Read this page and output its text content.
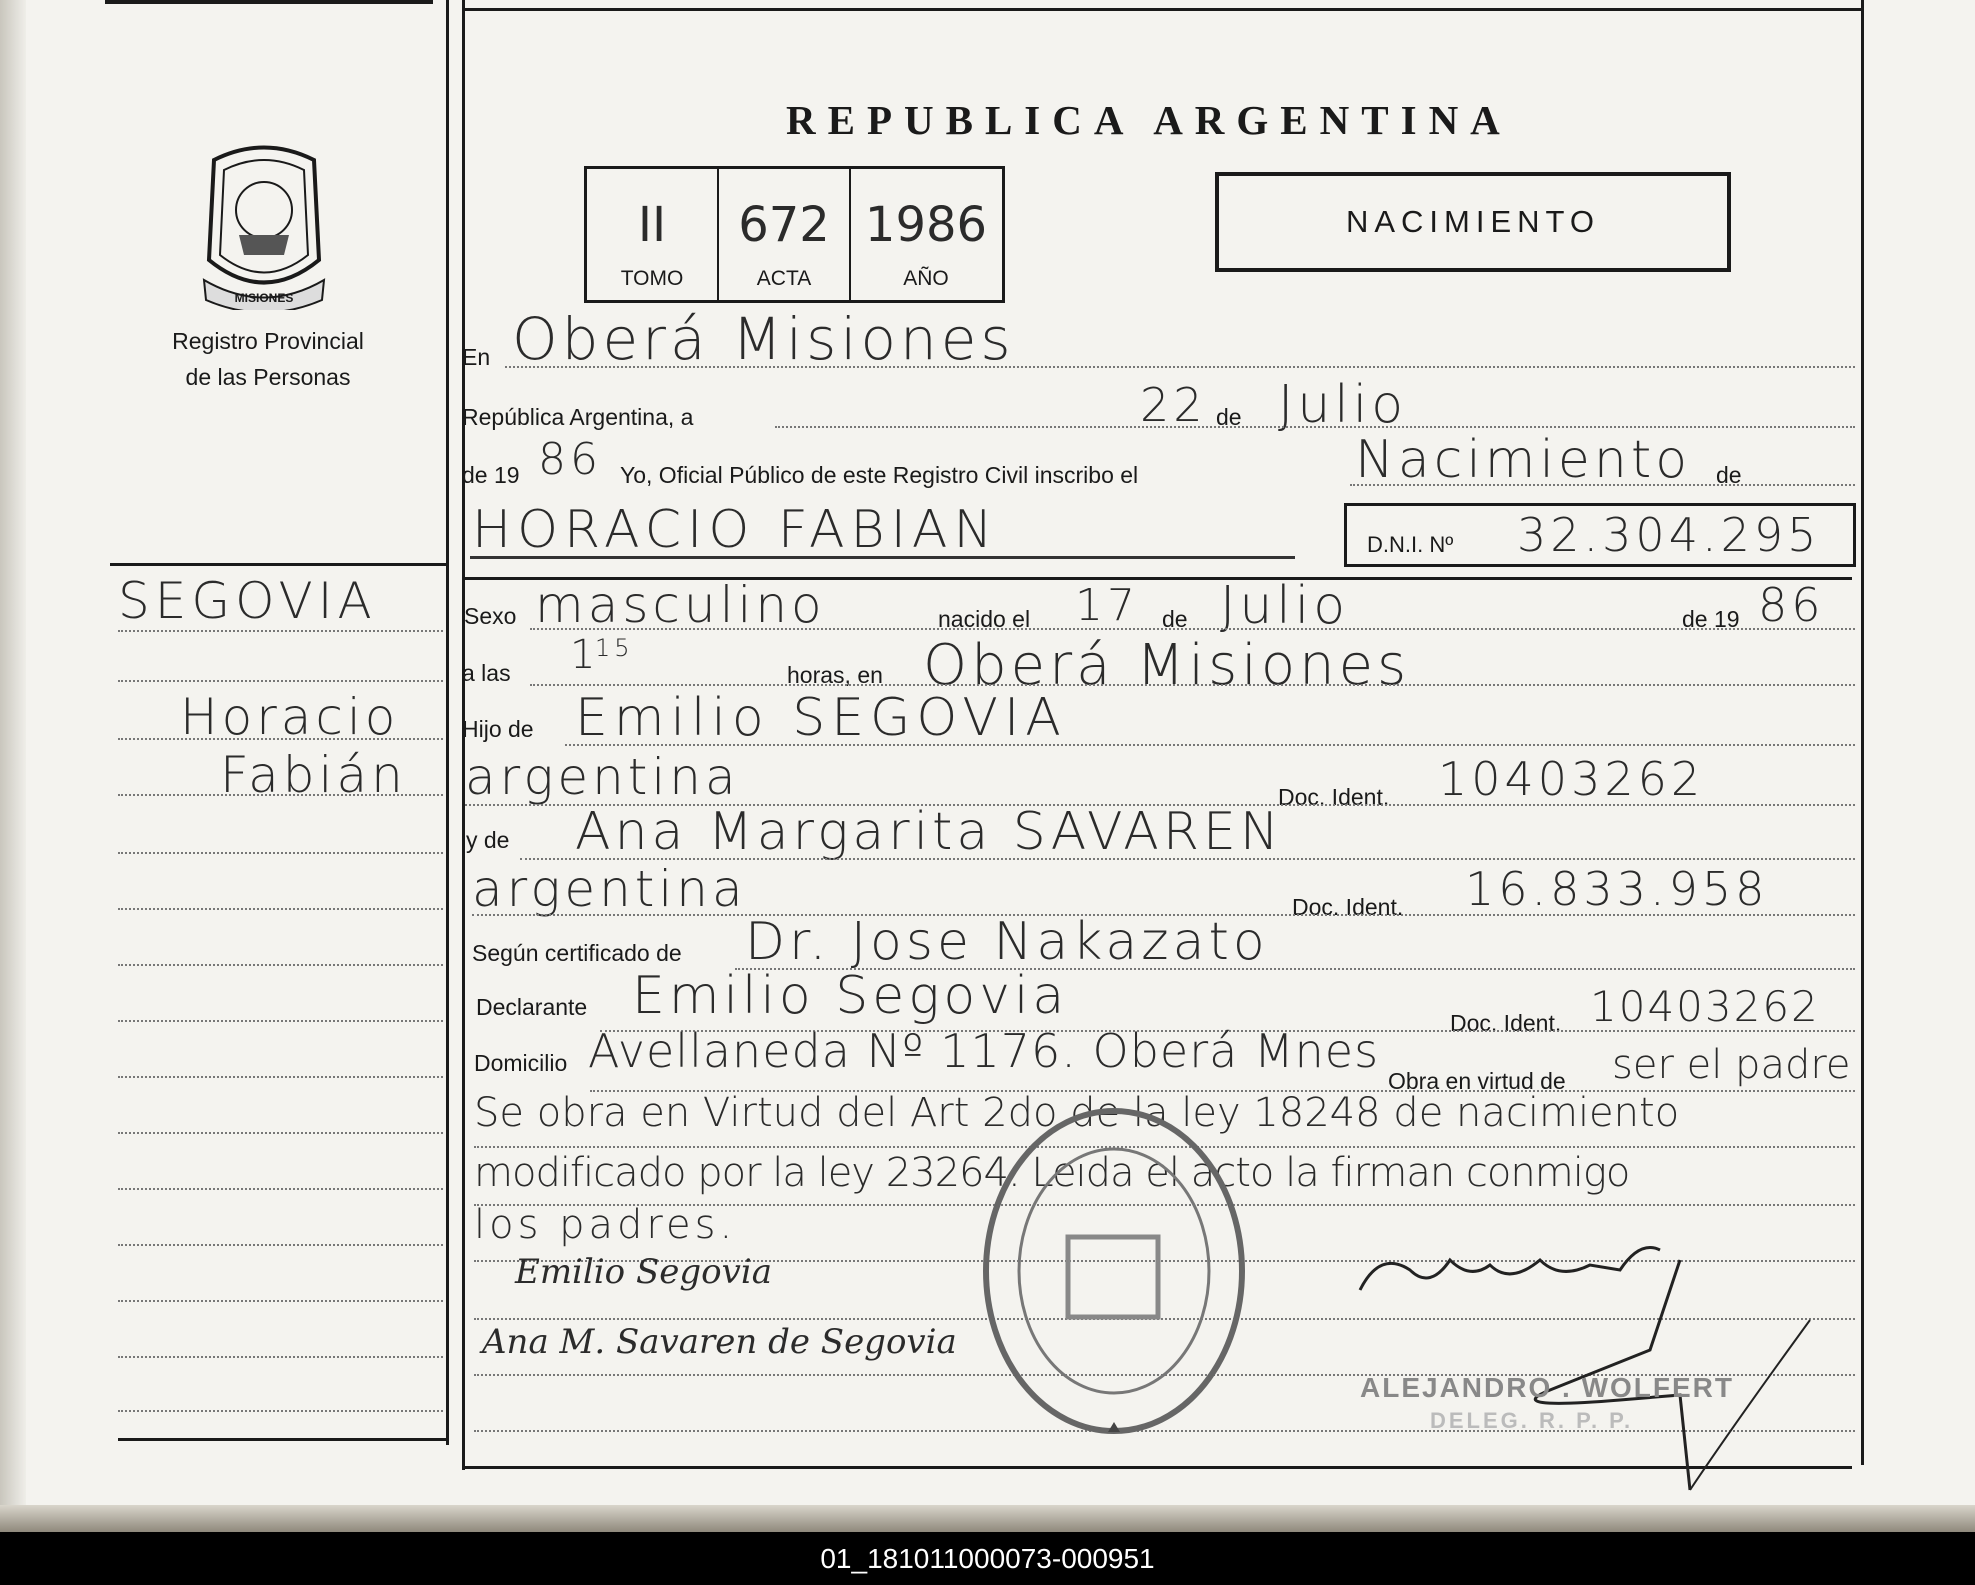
MISIONES
Registro Provincial
de las Personas
REPUBLICA ARGENTINA
II
TOMO
672
ACTA
1986
AÑO
NACIMIENTO
En Oberá Misiones
República Argentina, a	22 de Julio
de 19 86 Yo, Oficial Público de este Registro Civil inscribo el	Nacimiento de
HORACIO FABIAN	D.N.I. Nº 32.304.295
SEGOVIA
Horacio
Fabián
Sexo masculino	nacido el 17 de Julio	de 19 86
a las 1
15
horas, en Oberá Misiones
Hijo de Emilio SEGOVIA
argentina	Doc. Ident. 10403262
y de Ana Margarita SAVAREN
argentina	Doc. Ident. 16.833.958
Según certificado de Dr. Jose Nakazato
Declarante Emilio Segovia	Doc. Ident. 10403262
Domicilio Avellaneda Nº 1176. Oberá Mnes
Obra en virtud de ser el padre
Se obra en Virtud del Art 2do de la ley 18248 de nacimiento
modificado por la ley 23264. Leida el acto la firman conmigo
los padres.
Emilio Segovia
Ana M. Savaren de Segovia
ALEJANDRO . WOLFERT
DELEG. R. P. P.
01_181011000073-000951
